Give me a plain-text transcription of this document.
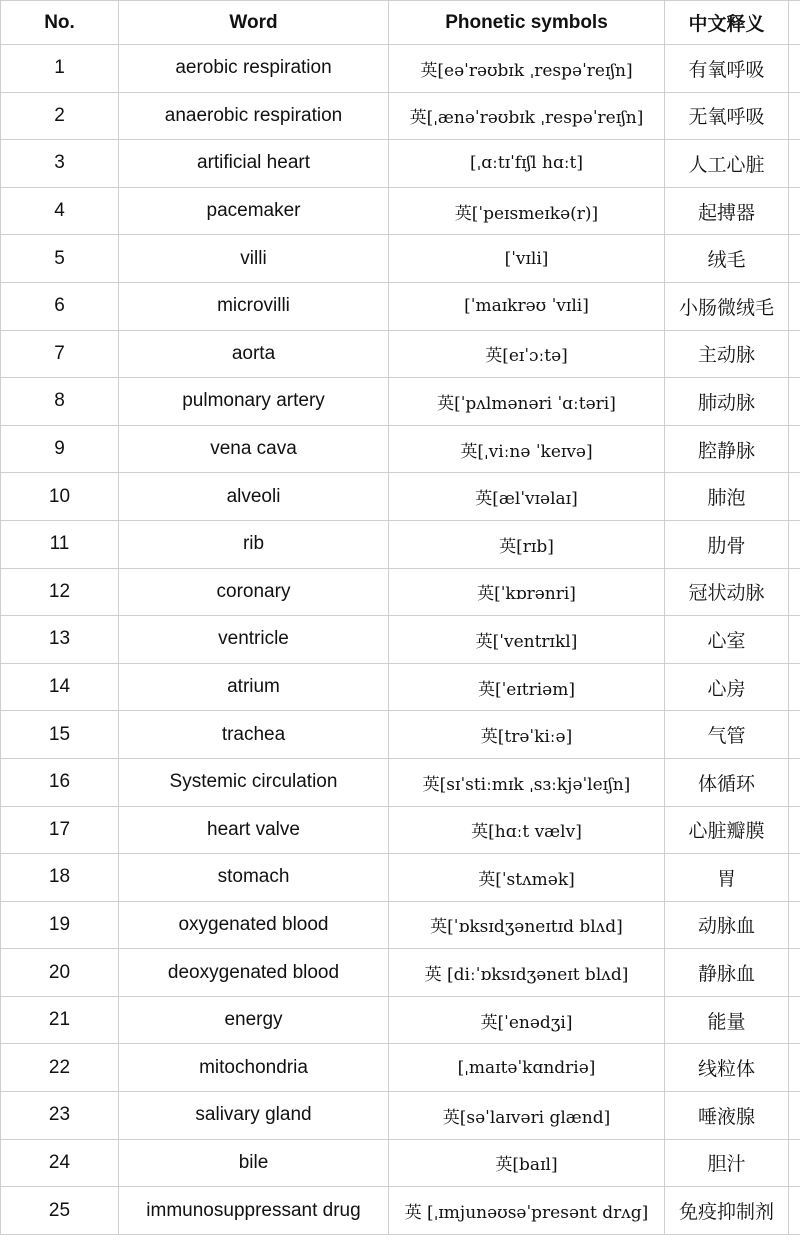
No.	Word	Phonetic symbols	中文释义	
1	aerobic respiration	英[eəˈrəʊbɪk ˌrespəˈreɪʃn]	有氧呼吸	
2	anaerobic respiration	英[ˌænəˈrəʊbɪk ˌrespəˈreɪʃn]	无氧呼吸	
3	artificial heart	[ˌɑːtɪˈfɪʃl hɑːt]	人工心脏	
4	pacemaker	英[ˈpeɪsmeɪkə(r)]	起搏器	
5	villi	[ˈvɪli]	绒毛	
6	microvilli	[ˈmaɪkrəʊ ˈvɪli]	小肠微绒毛	
7	aorta	英[eɪˈɔːtə]	主动脉	
8	pulmonary artery	英[ˈpʌlmənəri ˈɑːtəri]	肺动脉	
9	vena cava	英[ˌviːnə ˈkeɪvə]	腔静脉	
10	alveoli	英[ælˈvɪəlaɪ]	肺泡	
11	rib	英[rɪb]	肋骨	
12	coronary	英[ˈkɒrənri]	冠状动脉	
13	ventricle	英[ˈventrɪkl]	心室	
14	atrium	英[ˈeɪtriəm]	心房	
15	trachea	英[trəˈkiːə]	气管	
16	Systemic circulation	英[sɪˈstiːmɪk ˌsɜːkjəˈleɪʃn]	体循环	
17	heart valve	英[hɑːt vælv]	心脏瓣膜	
18	stomach	英[ˈstʌmək]	胃	
19	oxygenated blood	英[ˈɒksɪdʒəneɪtɪd blʌd]	动脉血	
20	deoxygenated blood	英 [diːˈɒksɪdʒəneɪt blʌd]	静脉血	
21	energy	英[ˈenədʒi]	能量	
22	mitochondria	[ˌmaɪtəˈkɑndriə]	线粒体	
23	salivary gland	英[səˈlaɪvəri glænd]	唾液腺	
24	bile	英[baɪl]	胆汁	
25	immunosuppressant drug	英 [ˌɪmjunəʊsəˈpresənt drʌg]	免疫抑制剂	
